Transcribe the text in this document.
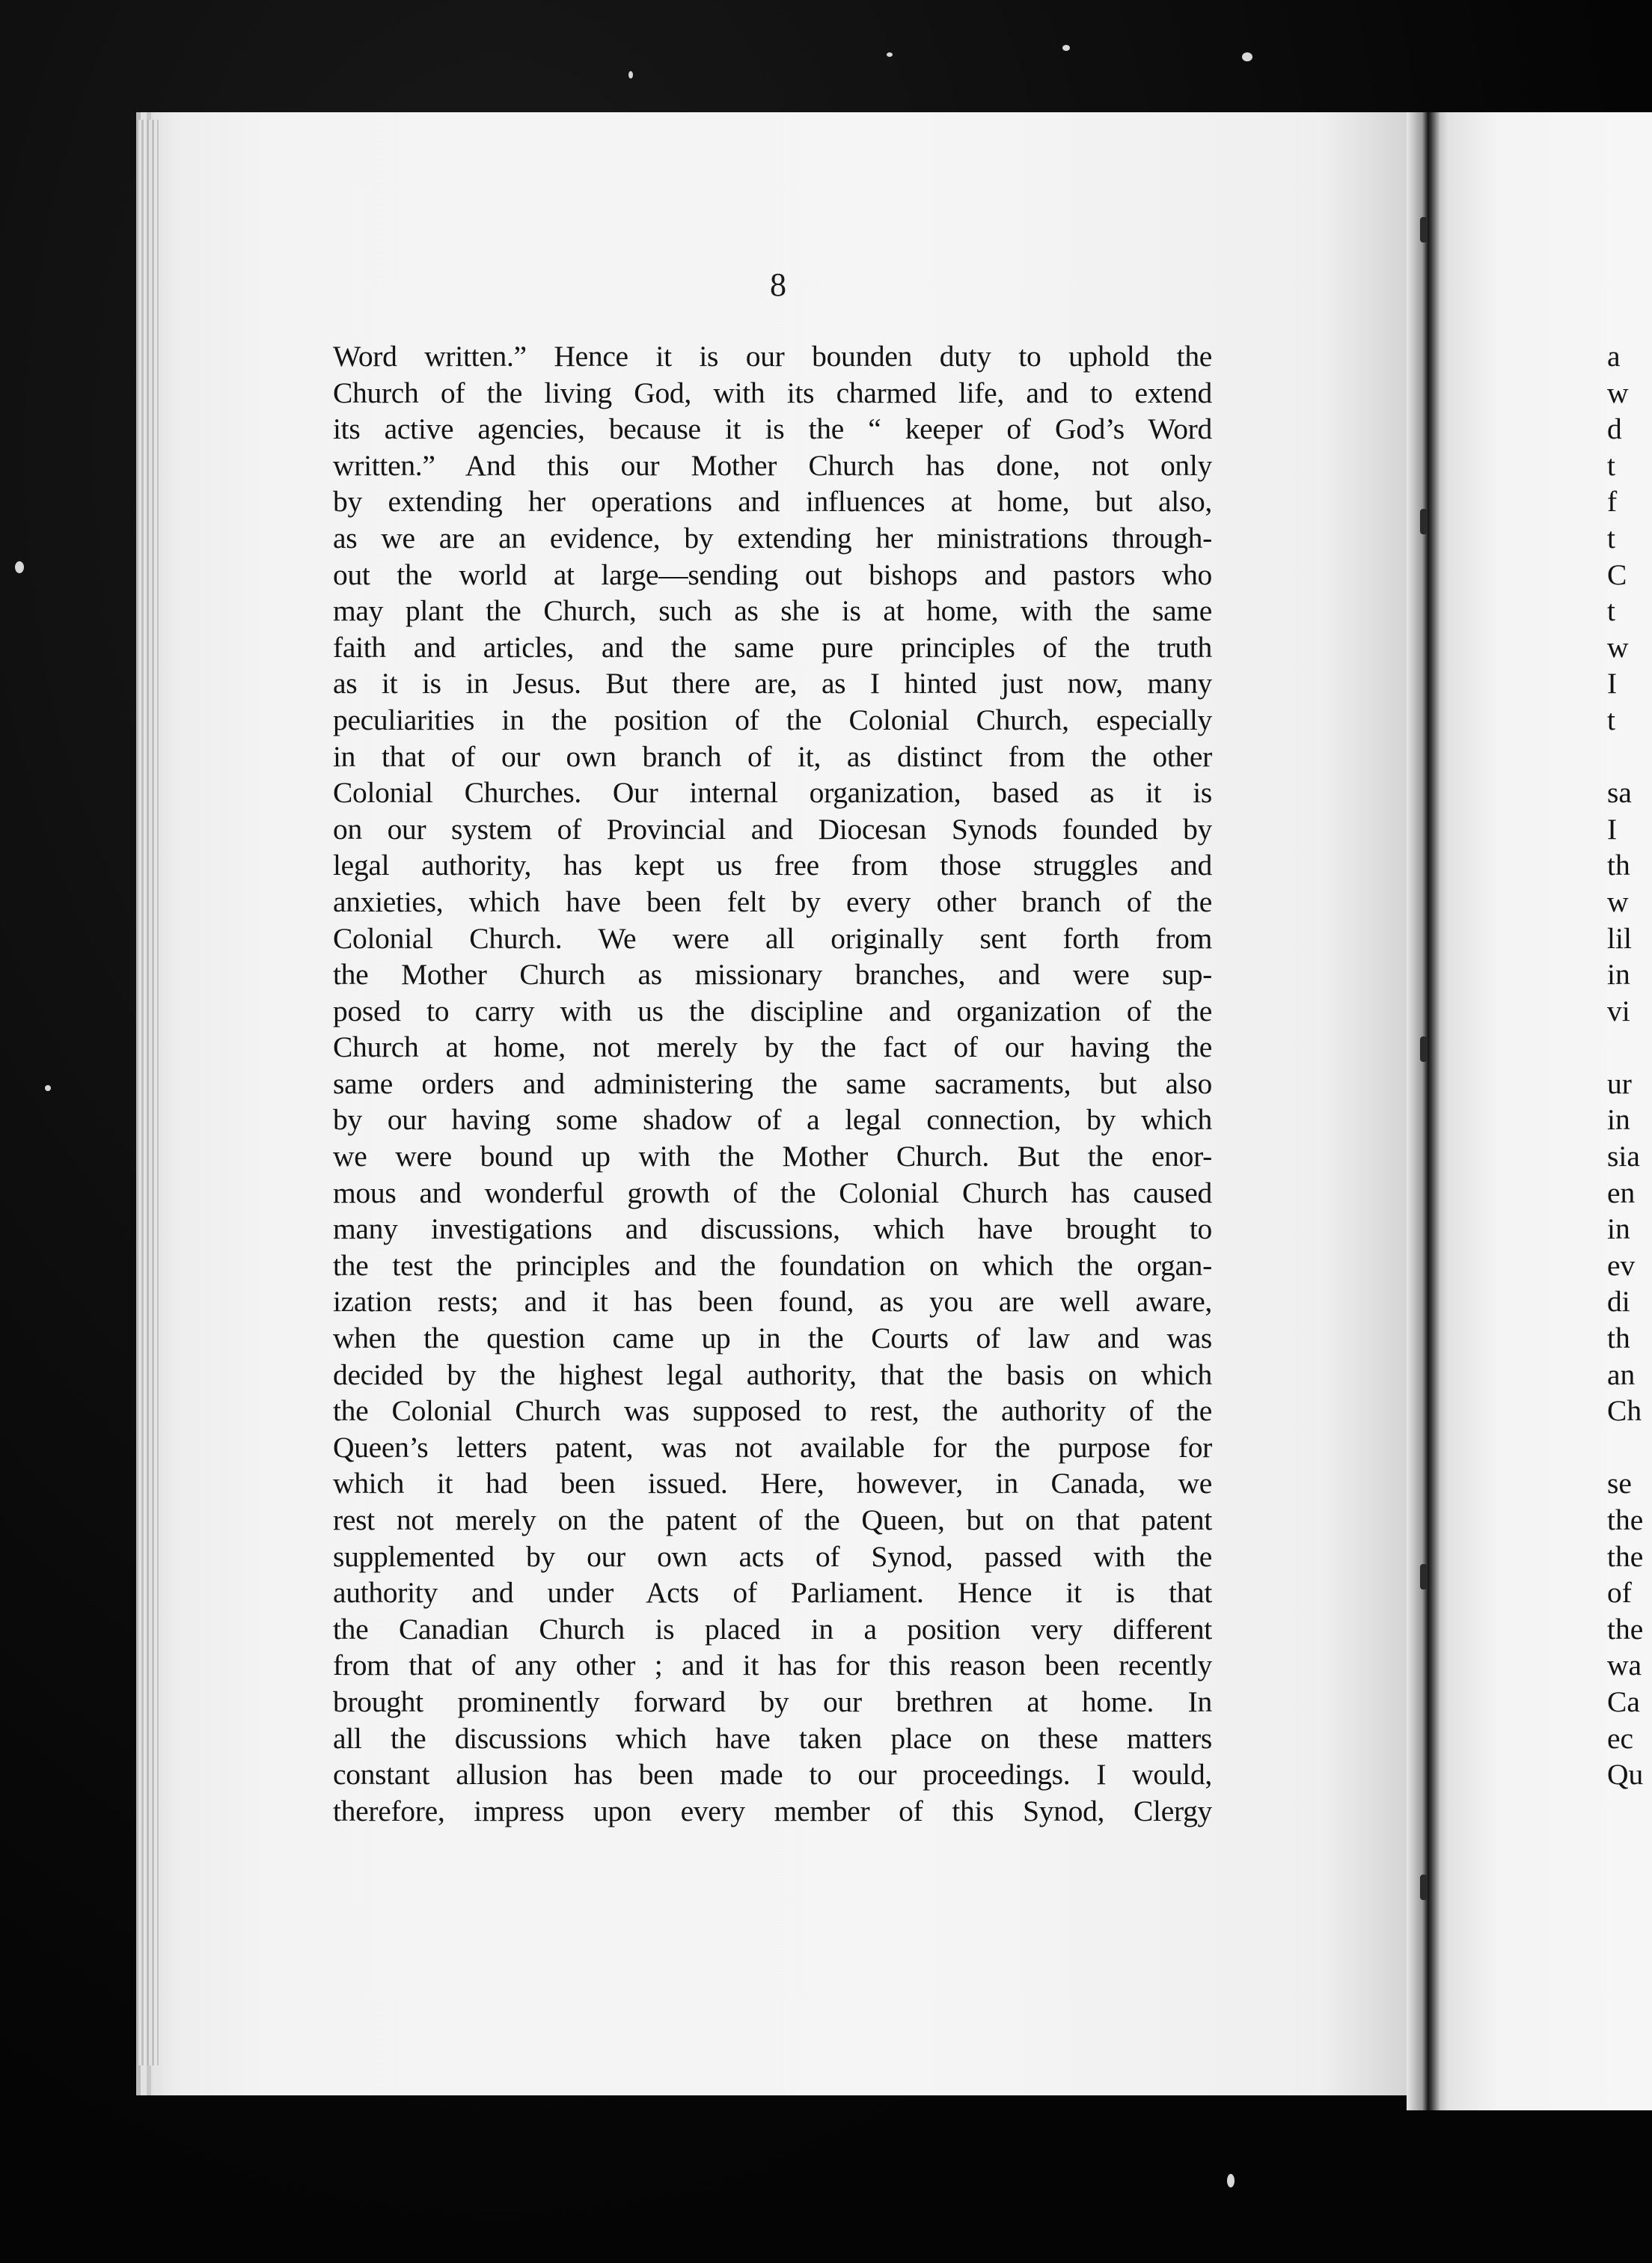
8
Word written.” Hence it is our bounden duty to uphold the
Church of the living God, with its charmed life, and to extend
its active agencies, because it is the “ keeper of God’s Word
written.” And this our Mother Church has done, not only
by extending her operations and influences at home, but also,
as we are an evidence, by extending her ministrations through-
out the world at large—sending out bishops and pastors who
may plant the Church, such as she is at home, with the same
faith and articles, and the same pure principles of the truth
as it is in Jesus. But there are, as I hinted just now, many
peculiarities in the position of the Colonial Church, especially
in that of our own branch of it, as distinct from the other
Colonial Churches. Our internal organization, based as it is
on our system of Provincial and Diocesan Synods founded by
legal authority, has kept us free from those struggles and
anxieties, which have been felt by every other branch of the
Colonial Church. We were all originally sent forth from
the Mother Church as missionary branches, and were sup-
posed to carry with us the discipline and organization of the
Church at home, not merely by the fact of our having the
same orders and administering the same sacraments, but also
by our having some shadow of a legal connection, by which
we were bound up with the Mother Church. But the enor-
mous and wonderful growth of the Colonial Church has caused
many investigations and discussions, which have brought to
the test the principles and the foundation on which the organ-
ization rests; and it has been found, as you are well aware,
when the question came up in the Courts of law and was
decided by the highest legal authority, that the basis on which
the Colonial Church was supposed to rest, the authority of the
Queen’s letters patent, was not available for the purpose for
which it had been issued. Here, however, in Canada, we
rest not merely on the patent of the Queen, but on that patent
supplemented by our own acts of Synod, passed with the
authority and under Acts of Parliament. Hence it is that
the Canadian Church is placed in a position very different
from that of any other ; and it has for this reason been recently
brought prominently forward by our brethren at home. In
all the discussions which have taken place on these matters
constant allusion has been made to our proceedings. I would,
therefore, impress upon every member of this Synod, Clergy
a
w
d
t
f
t
C
t
w
I
t
sa
I
th
w
lil
in
vi
ur
in
sia
en
in
ev
di
th
an
Ch
se
the
the
of
the
wa
Ca
ec
Qu
